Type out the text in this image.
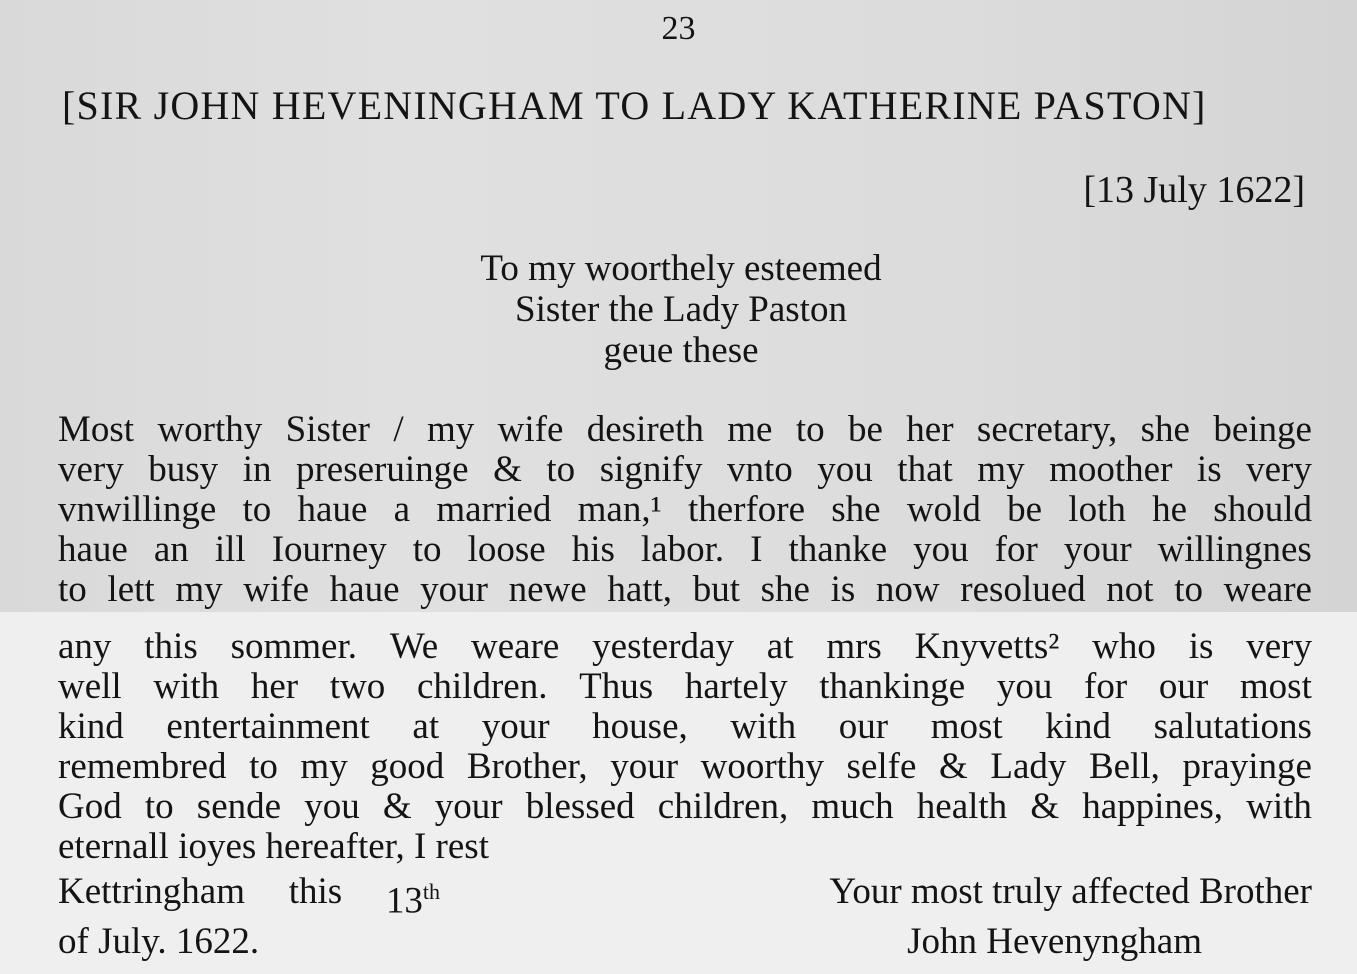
23
[SIR JOHN HEVENINGHAM TO LADY KATHERINE PASTON]
[13 July 1622]
To my woorthely esteemed
Sister the Lady Paston
geue these
Most worthy Sister / my wife desireth me to be her secretary, she beinge
very busy in preseruinge & to signify vnto you that my moother is very
vnwillinge to haue a married man,¹ therfore she wold be loth he should
haue an ill Iourney to loose his labor. I thanke you for your willingnes
to lett my wife haue your newe hatt, but she is now resolued not to weare
any this sommer. We weare yesterday at mrs Knyvetts² who is very
well with her two children. Thus hartely thankinge you for our most
kind entertainment at your house, with our most kind salutations
remembred to my good Brother, your woorthy selfe & Lady Bell, prayinge
God to sende you & your blessed children, much health & happines, with
eternall ioyes hereafter, I rest
Kettringham this 13th	Your most truly affected Brother
of July. 1622.	John Hevenyngham
